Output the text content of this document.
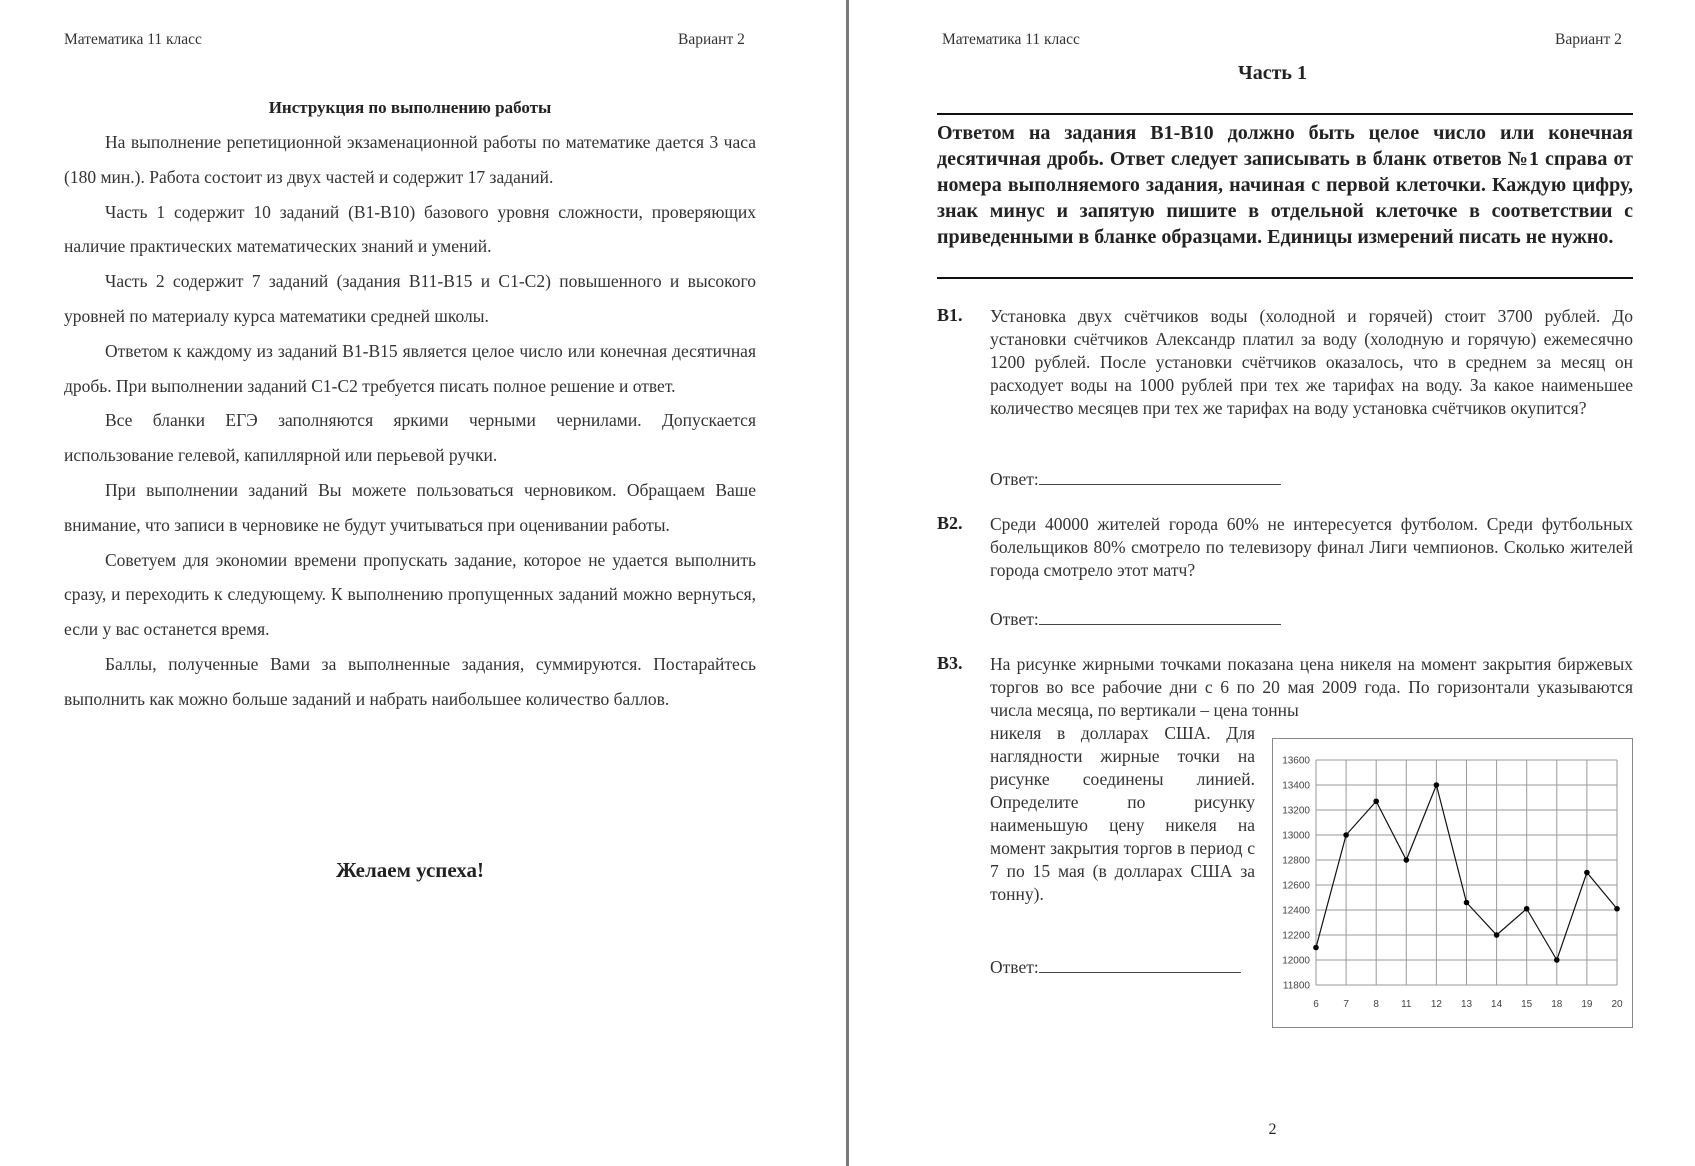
Математика 11 класс	Вариант 2
Инструкция по выполнению работы

На выполнение репетиционной экзаменационной работы по математике дается 3 часа (180 мин.). Работа состоит из двух частей и содержит 17 заданий.

Часть 1 содержит 10 заданий (В1-В10) базового уровня сложности, проверяющих наличие практических математических знаний и умений.

Часть 2 содержит 7 заданий (задания В11-В15 и С1-С2) повышенного и высокого уровней по материалу курса математики средней школы.

Ответом к каждому из заданий В1-В15 является целое число или конечная десятичная дробь. При выполнении заданий С1-С2 требуется писать полное решение и ответ.

Все бланки ЕГЭ заполняются яркими черными чернилами. Допускается использование гелевой, капиллярной или перьевой ручки.

При выполнении заданий Вы можете пользоваться черновиком. Обращаем Ваше внимание, что записи в черновике не будут учитываться при оценивании работы.

Советуем для экономии времени пропускать задание, которое не удается выполнить сразу, и переходить к следующему. К выполнению пропущенных заданий можно вернуться, если у вас останется время.

Баллы, полученные Вами за выполненные задания, суммируются. Постарайтесь выполнить как можно больше заданий и набрать наибольшее количество баллов.

Желаем успеха!
Математика 11 класс	Вариант 2
Часть 1

Ответом на задания В1-В10 должно быть целое число или конечная десятичная дробь. Ответ следует записывать в бланк ответов №1 справа от номера выполняемого задания, начиная с первой клеточки. Каждую цифру, знак минус и запятую пишите в отдельной клеточке в соответствии с приведенными в бланке образцами. Единицы измерений писать не нужно.

B1. Установка двух счётчиков воды (холодной и горячей) стоит 3700 рублей. До установки счётчиков Александр платил за воду (холодную и горячую) ежемесячно 1200 рублей. После установки счётчиков оказалось, что в среднем за месяц он расходует воды на 1000 рублей при тех же тарифах на воду. За какое наименьшее количество месяцев при тех же тарифах на воду установка счётчиков окупится?
Ответ:
B2. Среди 40000 жителей города 60% не интересуется футболом. Среди футбольных болельщиков 80% смотрело по телевизору финал Лиги чемпионов. Сколько жителей города смотрело этот матч?
Ответ:
B3. На рисунке жирными точками показана цена никеля на момент закрытия биржевых торгов во все рабочие дни с 6 по 20 мая 2009 года. По горизонтали указываются числа месяца, по вертикали – цена тонны
никеля в долларах США. Для наглядности жирные точки на рисунке соединены линией. Определите по рисунку наименьшую цену никеля на момент закрытия торгов в период с 7 по 15 мая (в долларах США за тонну).
Ответ:
11800
12000
12200
12400
12600
12800
13000
13200
13400
13600
6 7 8 11 12 13 14 15 18 19 20
2
